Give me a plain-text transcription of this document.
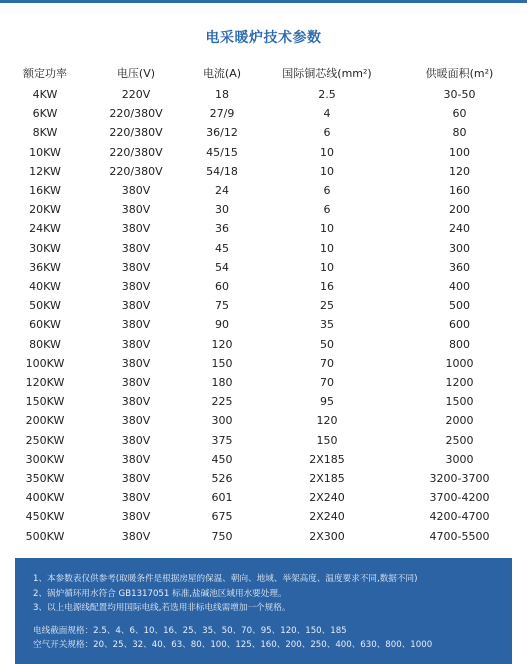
电采暖炉技术参数
额定功率	电压(V)	电流(A)	国际铜芯线(mm²)	供暖面积(m²)
4KW	220V	18	2.5	30-50
6KW	220/380V	27/9	4	60
8KW	220/380V	36/12	6	80
10KW	220/380V	45/15	10	100
12KW	220/380V	54/18	10	120
16KW	380V	24	6	160
20KW	380V	30	6	200
24KW	380V	36	10	240
30KW	380V	45	10	300
36KW	380V	54	10	360
40KW	380V	60	16	400
50KW	380V	75	25	500
60KW	380V	90	35	600
80KW	380V	120	50	800
100KW	380V	150	70	1000
120KW	380V	180	70	1200
150KW	380V	225	95	1500
200KW	380V	300	120	2000
250KW	380V	375	150	2500
300KW	380V	450	2X185	3000
350KW	380V	526	2X185	3200-3700
400KW	380V	601	2X240	3700-4200
450KW	380V	675	2X240	4200-4700
500KW	380V	750	2X300	4700-5500
1、本参数表仅供参考(取暖条件是根据房屋的保温、朝向、地域、举架高度、温度要求不同,数据不同)
2、锅炉循环用水符合 GB1317051 标准,盐碱池区域用水要处理。
3、以上电源线配置均用国际电线,若选用非标电线需增加一个规格。
电线截面规格：2.5、4、6、10、16、25、35、50、70、95、120、150、185
空气开关规格：20、25、32、40、63、80、100、125、160、200、250、400、630、800、1000
